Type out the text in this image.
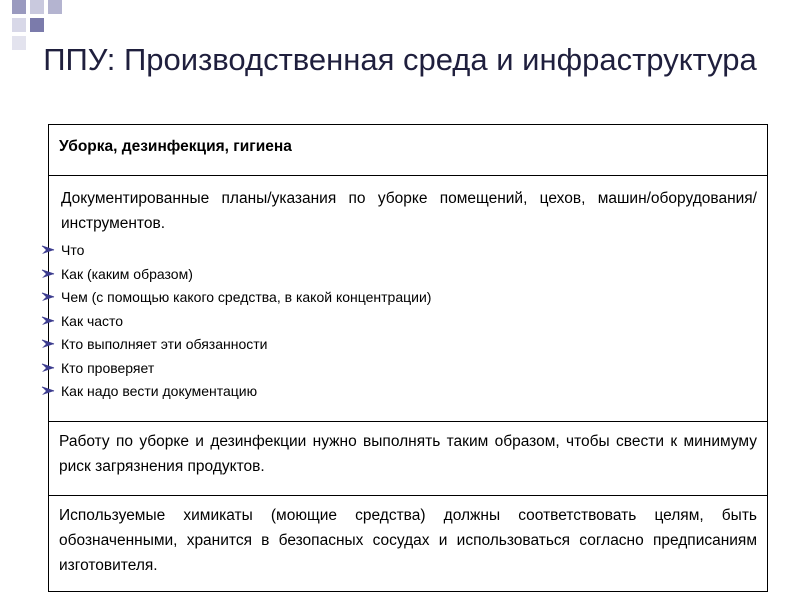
ППУ: Производственная среда и инфраструктура
Уборка, дезинфекция, гигиена

Документированные планы/указания по уборке помещений, цехов, машин/оборудования/инструментов.
Что
Как (каким образом)
Чем (с помощью какого средства, в какой концентрации)
Как часто
Кто выполняет эти обязанности
Кто проверяет
Как надо вести документацию

Работу по уборке и дезинфекции нужно выполнять таким образом, чтобы свести к минимуму риск загрязнения продуктов.
Используемые химикаты (моющие средства) должны соответствовать целям, быть обозначенными, хранится в безопасных сосудах и использоваться согласно предписаниям изготовителя.
